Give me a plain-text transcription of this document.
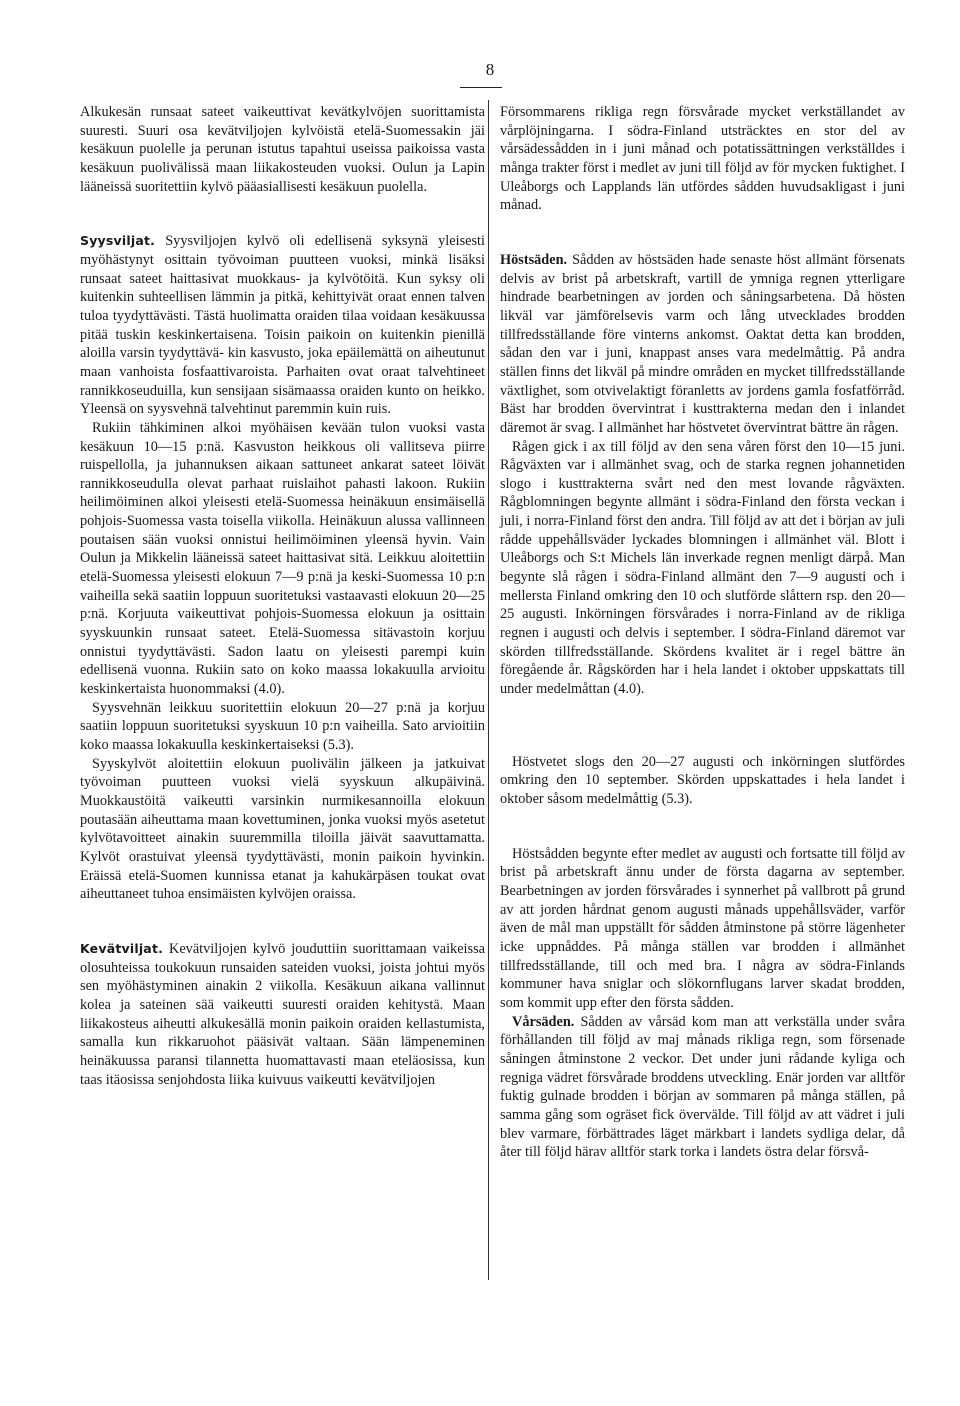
8

Alkukesän runsaat sateet vaikeuttivat kevätkylvöjen suorittamista suuresti. Suuri osa kevätviljojen kylvöistä etelä-Suomessakin jäi kesäkuun puolelle ja perunan istutus tapahtui useissa paikoissa vasta kesäkuun puolivälissä maan liikakosteuden vuoksi. Oulun ja Lapin lääneissä suoritettiin kylvö pääasiallisesti kesäkuun puolella.

Syysviljat. Syysviljojen kylvö oli edellisenä syksynä yleisesti myöhästynyt osittain työvoiman puutteen vuoksi, minkä lisäksi runsaat sateet haittasivat muokkaus- ja kylvötöitä. Kun syksy oli kuitenkin suhteellisen lämmin ja pitkä, kehittyivät oraat ennen talven tuloa tyydyttävästi. Tästä huolimatta oraiden tilaa voidaan kesäkuussa pitää tuskin keskinkertaisena. Toisin paikoin on kuitenkin pienillä aloilla varsin tyydyttävä- kin kasvusto, joka epäilemättä on aiheutunut maan vanhoista fosfaattivaroista. Parhaiten ovat oraat talvehtineet rannikkoseuduilla, kun sensijaan sisämaassa oraiden kunto on heikko. Yleensä on syysvehnä talvehtinut paremmin kuin ruis.

Rukiin tähkiminen alkoi myöhäisen kevään tulon vuoksi vasta kesäkuun 10—15 p:nä. Kasvuston heikkous oli vallitseva piirre ruispellolla, ja juhannuksen aikaan sattuneet ankarat sateet löivät rannikkoseudulla olevat parhaat ruislaihot pahasti lakoon. Rukiin heilimöiminen alkoi yleisesti etelä-Suomessa heinäkuun ensimäisellä pohjois-Suomessa vasta toisella viikolla. Heinäkuun alussa vallinneen poutaisen sään vuoksi onnistui heilimöiminen yleensä hyvin. Vain Oulun ja Mikkelin lääneissä sateet haittasivat sitä. Leikkuu aloitettiin etelä-Suomessa yleisesti elokuun 7—9 p:nä ja keski-Suomessa 10 p:n vaiheilla sekä saatiin loppuun suoritetuksi vastaavasti elokuun 20—25 p:nä. Korjuuta vaikeuttivat pohjois-Suomessa elokuun ja osittain syyskuunkin runsaat sateet. Etelä-Suomessa sitävastoin korjuu onnistui tyydyttävästi. Sadon laatu on yleisesti parempi kuin edellisenä vuonna. Rukiin sato on koko maassa lokakuulla arvioitu keskinkertaista huonommaksi (4.0).

Syysvehnän leikkuu suoritettiin elokuun 20—27 p:nä ja korjuu saatiin loppuun suoritetuksi syyskuun 10 p:n vaiheilla. Sato arvioitiin koko maassa lokakuulla keskinkertaiseksi (5.3).

Syyskylvöt aloitettiin elokuun puolivälin jälkeen ja jatkuivat työvoiman puutteen vuoksi vielä syyskuun alkupäivinä. Muokkaustöitä vaikeutti varsinkin nurmikesannoilla elokuun poutasään aiheuttama maan kovettuminen, jonka vuoksi myös asetetut kylvötavoitteet ainakin suuremmilla tiloilla jäivät saavuttamatta. Kylvöt orastuivat yleensä tyydyttävästi, monin paikoin hyvinkin. Eräissä etelä-Suomen kunnissa etanat ja kahukärpäsen toukat ovat aiheuttaneet tuhoa ensimäisten kylvöjen oraissa.

Kevätviljat. Kevätviljojen kylvö jouduttiin suorittamaan vaikeissa olosuhteissa toukokuun runsaiden sateiden vuoksi, joista johtui myös sen myöhästyminen ainakin 2 viikolla. Kesäkuun aikana vallinnut kolea ja sateinen sää vaikeutti suuresti oraiden kehitystä. Maan liikakosteus aiheutti alkukesällä monin paikoin oraiden kellastumista, samalla kun rikkaruohot pääsivät valtaan. Sään lämpeneminen heinäkuussa paransi tilannetta huomattavasti maan eteläosissa, kun taas itäosissa senjohdosta liika kuivuus vaikeutti kevätviljojen

Försommarens rikliga regn försvårade mycket verkställandet av vårplöjningarna. I södra-Finland utsträcktes en stor del av vårsädessådden in i juni månad och potatissättningen verkställdes i många trakter först i medlet av juni till följd av för mycken fuktighet. I Uleåborgs och Lapplands län utfördes sådden huvudsakligast i juni månad.

Höstsäden. Sådden av höstsäden hade senaste höst allmänt försenats delvis av brist på arbetskraft, vartill de ymniga regnen ytterligare hindrade bearbetningen av jorden och såningsarbetena. Då hösten likväl var jämförelsevis varm och lång utvecklades brodden tillfredsställande före vinterns ankomst. Oaktat detta kan brodden, sådan den var i juni, knappast anses vara medelmåttig. På andra ställen finns det likväl på mindre områden en mycket tillfredsställande växtlighet, som otvivelaktigt föranletts av jordens gamla fosfatförråd. Bäst har brodden övervintrat i kusttrakterna medan den i inlandet däremot är svag. I allmänhet har höstvetet övervintrat bättre än rågen.

Rågen gick i ax till följd av den sena våren först den 10—15 juni. Rågväxten var i allmänhet svag, och de starka regnen johannetiden slogo i kusttrakterna svårt ned den mest lovande rågväxten. Rågblomningen begynte allmänt i södra-Finland den första veckan i juli, i norra-Finland först den andra. Till följd av att det i början av juli rådde uppehållsväder lyckades blomningen i allmänhet väl. Blott i Uleåborgs och S:t Michels län inverkade regnen menligt därpå. Man begynte slå rågen i södra-Finland allmänt den 7—9 augusti och i mellersta Finland omkring den 10 och slutförde slåttern rsp. den 20—25 augusti. Inkörningen försvårades i norra-Finland av de rikliga regnen i augusti och delvis i september. I södra-Finland däremot var skörden tillfredsställande. Skördens kvalitet är i regel bättre än föregående år. Rågskörden har i hela landet i oktober uppskattats till under medelmåttan (4.0).

Höstvetet slogs den 20—27 augusti och inkörningen slutfördes omkring den 10 september. Skörden uppskattades i hela landet i oktober såsom medelmåttig (5.3).

Höstsådden begynte efter medlet av augusti och fortsatte till följd av brist på arbetskraft ännu under de första dagarna av september. Bearbetningen av jorden försvårades i synnerhet på vallbrott på grund av att jorden hårdnat genom augusti månads uppehållsväder, varför även de mål man uppställt för sådden åtminstone på större lägenheter icke uppnåddes. På många ställen var brodden i allmänhet tillfredsställande, till och med bra. I några av södra-Finlands kommuner hava sniglar och slökornflugans larver skadat brodden, som kommit upp efter den första sådden.

Vårsäden. Sådden av vårsäd kom man att verkställa under svåra förhållanden till följd av maj månads rikliga regn, som försenade såningen åtminstone 2 veckor. Det under juni rådande kyliga och regniga vädret försvårade broddens utveckling. Enär jorden var alltför fuktig gulnade brodden i början av sommaren på många ställen, på samma gång som ogräset fick övervälde. Till följd av att vädret i juli blev varmare, förbättrades läget märkbart i landets sydliga delar, då åter till följd härav alltför stark torka i landets östra delar försvå-
